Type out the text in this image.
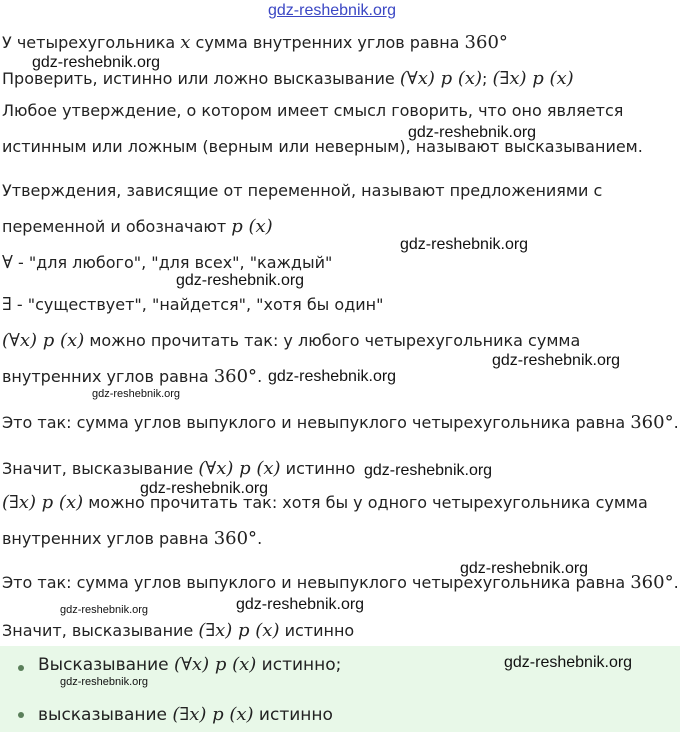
gdz-reshebnik.org
У четырехугольника x сумма внутренних углов равна 360°
gdz-reshebnik.org
Проверить, истинно или ложно высказывание (∀x) p (x); (∃x) p (x)
Любое утверждение, о котором имеет смысл говорить, что оно является
gdz-reshebnik.org
истинным или ложным (верным или неверным), называют высказыванием.
Утверждения, зависящие от переменной, называют предложениями с
переменной и обозначают p (x)
gdz-reshebnik.org
∀ - "для любого", "для всех", "каждый"
gdz-reshebnik.org
∃ - "существует", "найдется", "хотя бы один"
(∀x) p (x) можно прочитать так: у любого четырехугольника сумма
gdz-reshebnik.org
внутренних углов равна 360°. gdz-reshebnik.org
gdz-reshebnik.org
Это так: сумма углов выпуклого и невыпуклого четырехугольника равна 360°.
Значит, высказывание (∀x) p (x) истинно gdz-reshebnik.org
gdz-reshebnik.org
(∃x) p (x) можно прочитать так: хотя бы у одного четырехугольника сумма
внутренних углов равна 360°.
gdz-reshebnik.org
Это так: сумма углов выпуклого и невыпуклого четырехугольника равна 360°.
gdz-reshebnik.org
gdz-reshebnik.org
Значит, высказывание (∃x) p (x) истинно
Высказывание (∀x) p (x) истинно;	gdz-reshebnik.org
gdz-reshebnik.org
высказывание (∃x) p (x) истинно
